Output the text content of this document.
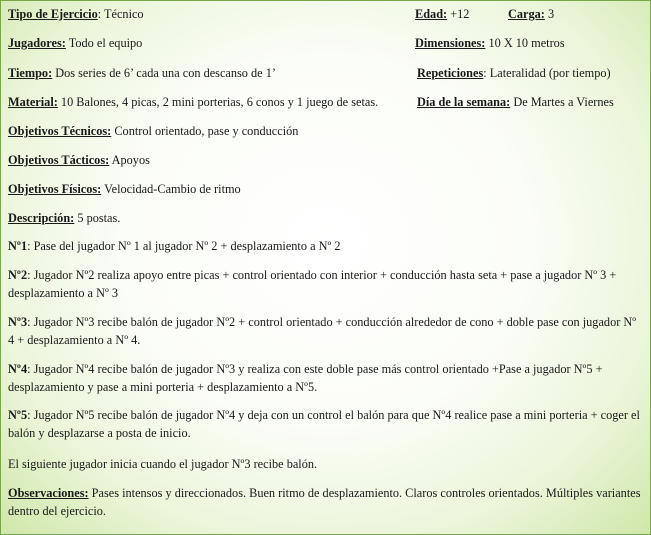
Tipo de Ejercicio: Técnico	Edad: +12	Carga: 3
Jugadores: Todo el equipo	Dimensiones: 10 X 10 metros
Tiempo: Dos series de 6’ cada una con descanso de 1’	Repeticiones: Lateralidad (por tiempo)
Material: 10 Balones, 4 picas, 2 mini porterias, 6 conos y 1 juego de setas.	Día de la semana: De Martes a Viernes
Objetivos Técnicos: Control orientado, pase y conducción
Objetivos Tácticos: Apoyos
Objetivos Físicos: Velocidad-Cambio de ritmo
Descripción: 5 postas.
Nº1: Pase del jugador Nº 1 al jugador Nº 2 + desplazamiento a Nº 2
Nº2: Jugador Nº2 realiza apoyo entre picas + control orientado con interior + conducción hasta seta + pase a jugador Nº 3 + desplazamiento a Nº 3
Nº3: Jugador Nº3 recibe balón de jugador Nº2 + control orientado + conducción alrededor de cono + doble pase con jugador Nº 4 + desplazamiento a Nº 4.
Nº4: Jugador Nº4 recibe balón de jugador Nº3 y realiza con este doble pase más control orientado +Pase a jugador Nº5 + desplazamiento y pase a mini porteria + desplazamiento a Nº5.
Nº5: Jugador Nº5 recibe balón de jugador Nº4 y deja con un control el balón para que Nº4 realice pase a mini porteria + coger el balón y desplazarse a posta de inicio.
El siguiente jugador inicia cuando el jugador Nº3 recibe balón.
Observaciones: Pases intensos y direccionados. Buen ritmo de desplazamiento. Claros controles orientados. Múltiples variantes dentro del ejercicio.
